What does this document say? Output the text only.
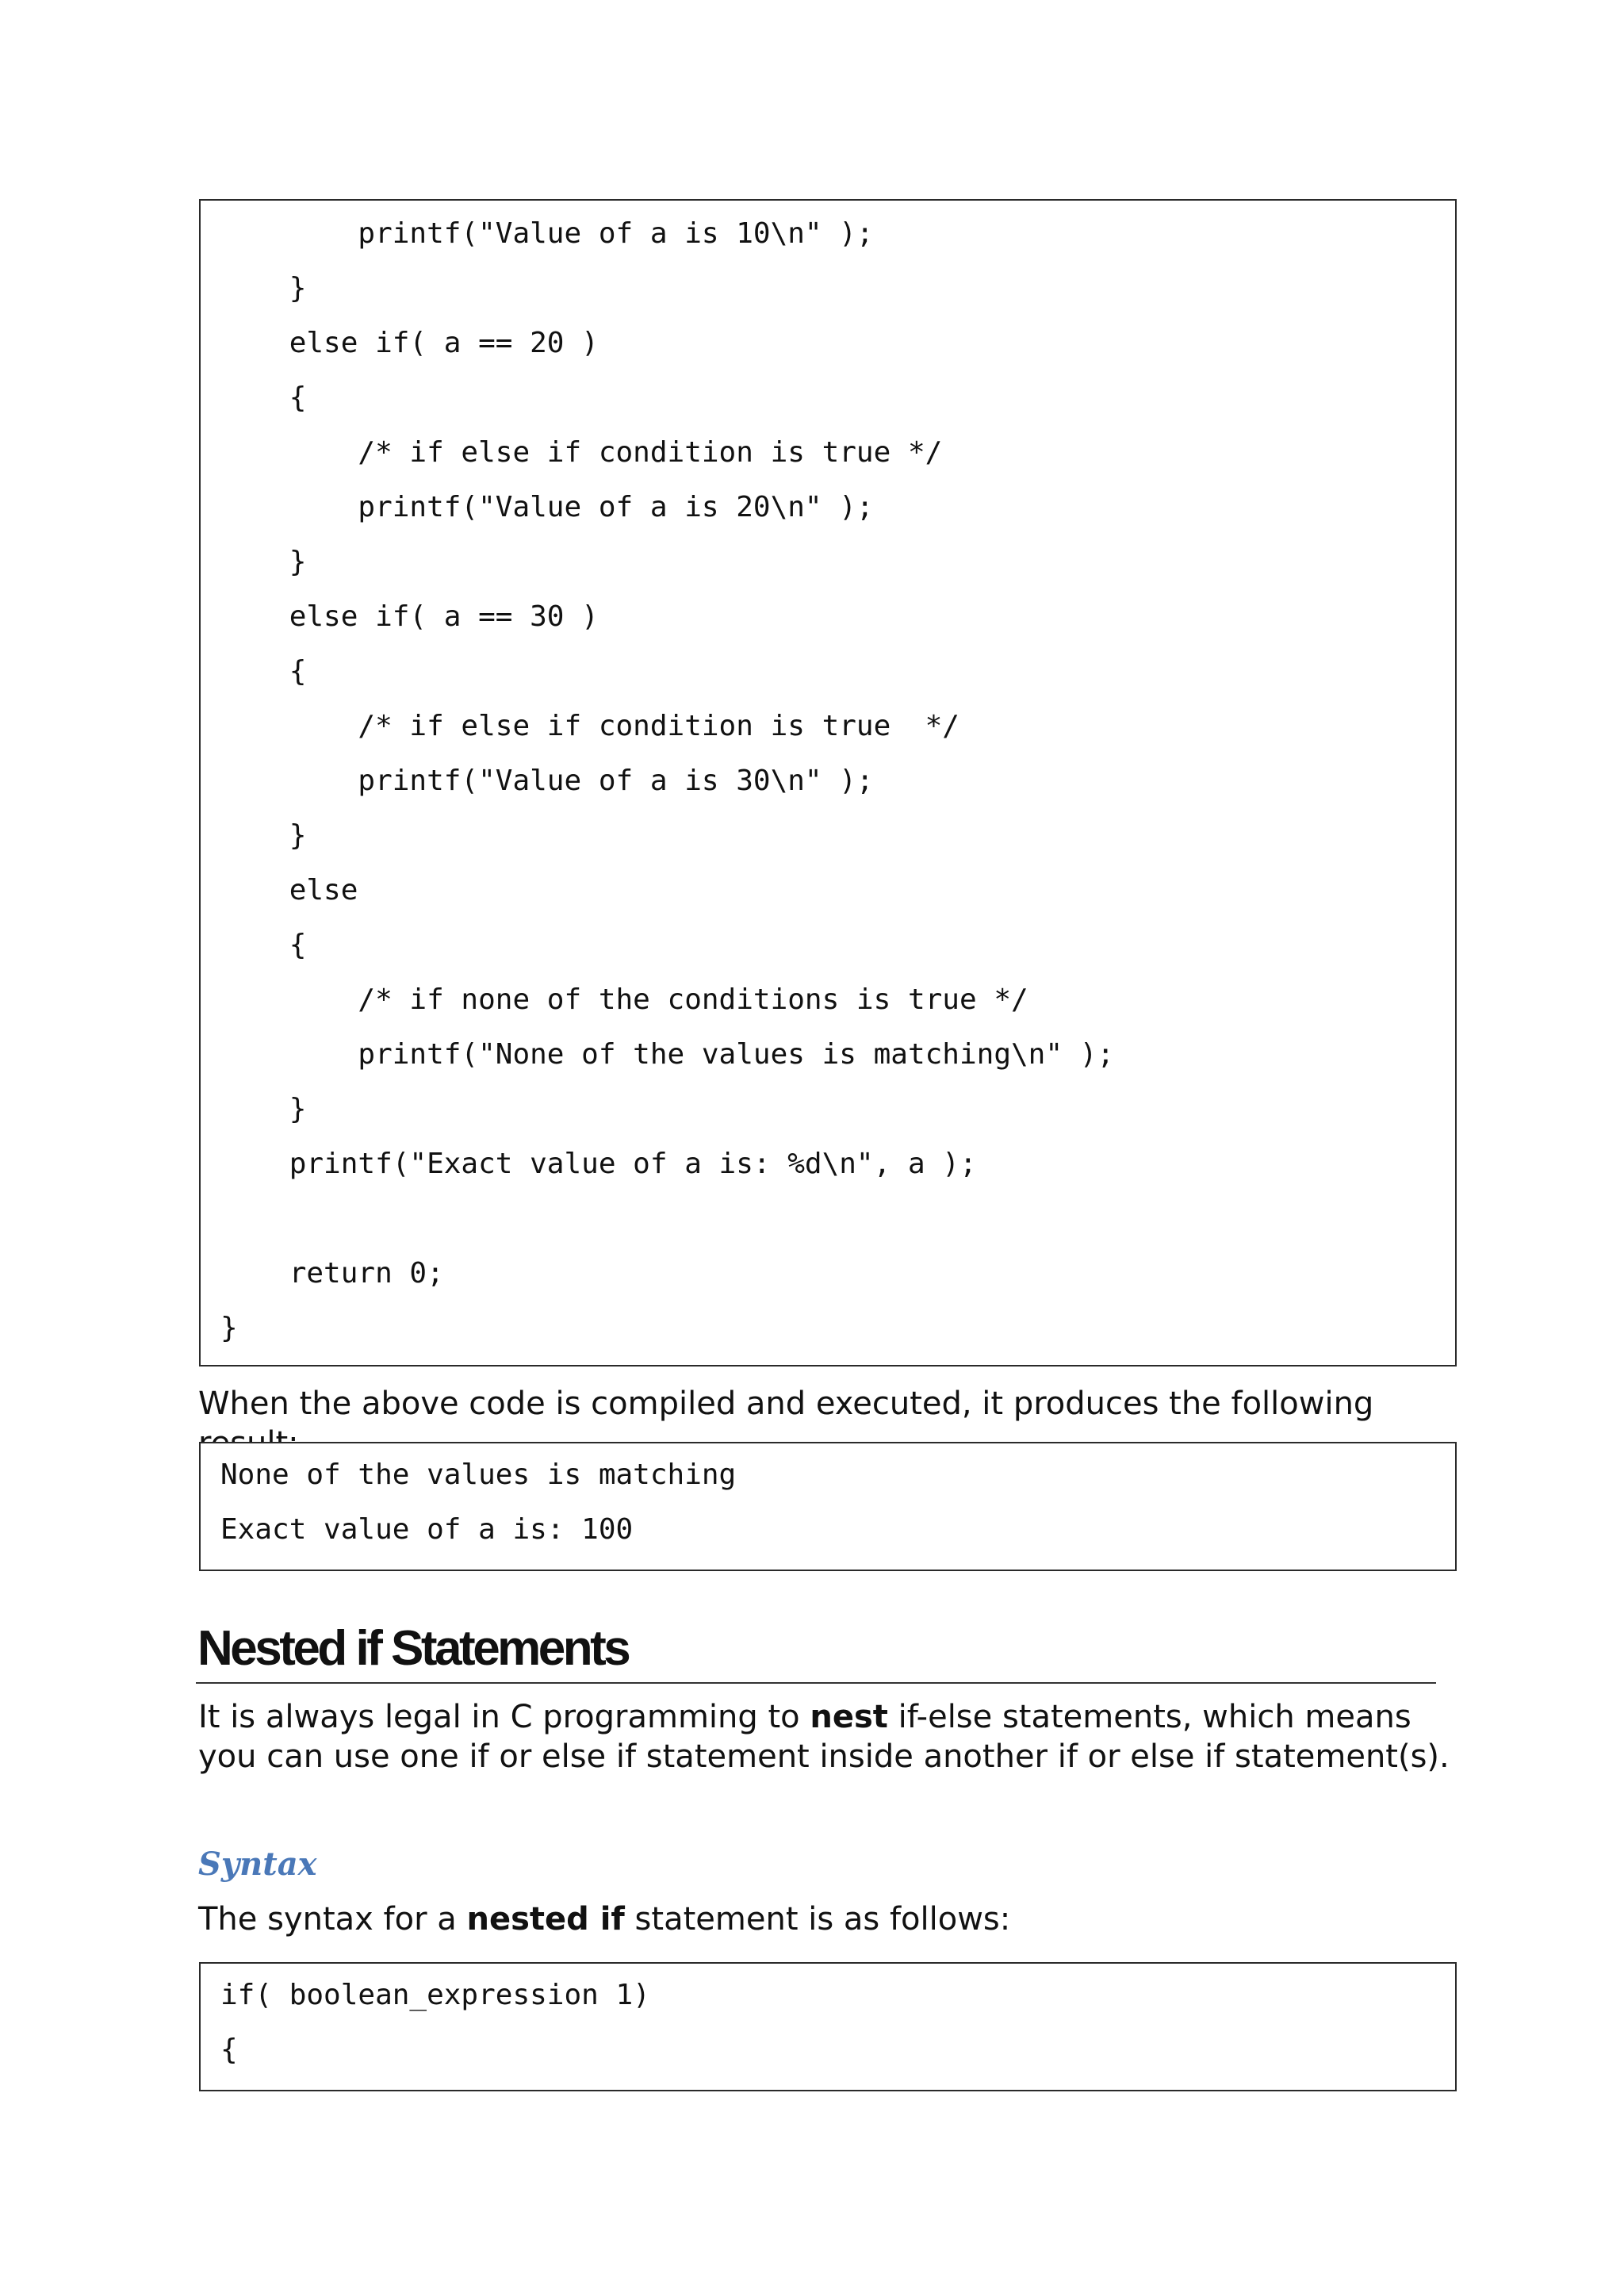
printf("Value of a is 10\n" );
}
else if( a == 20 )
{
/* if else if condition is true */
printf("Value of a is 20\n" );
}
else if( a == 30 )
{
/* if else if condition is true  */
printf("Value of a is 30\n" );
}
else
{
/* if none of the conditions is true */
printf("None of the values is matching\n" );
}
printf("Exact value of a is: %d\n", a );
return 0;
}
When the above code is compiled and executed, it produces the following
None of the values is matching
Exact value of a is: 100
Nested if Statements
It is always legal in C programming to nest if-else statements, which means you can use one if or else if statement inside another if or else if statement(s).
Syntax
The syntax for a nested if statement is as follows:
if( boolean_expression 1)
{
